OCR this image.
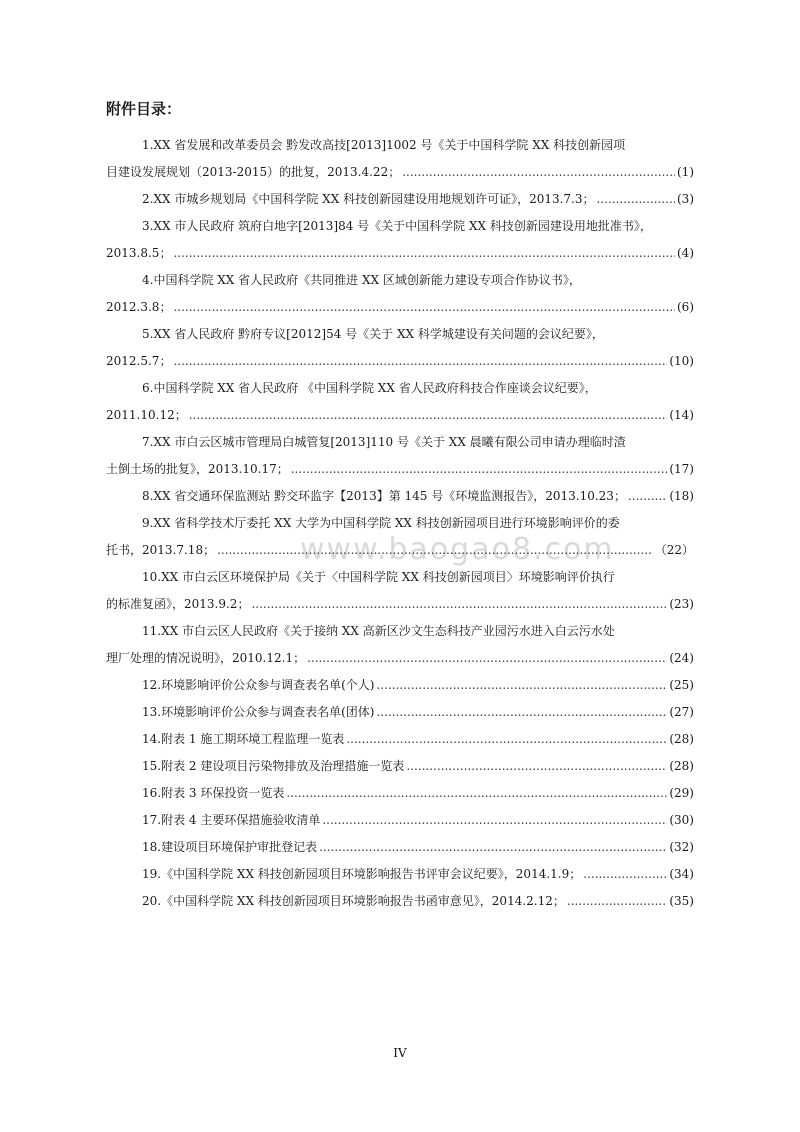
附件目录：
www.baogao8.com
1.XX 省发展和改革委员会 黔发改高技[2013]1002 号《关于中国科学院 XX 科技创新园项
目建设发展规划（2013-2015）的批复，2013.4.22； .....	(1)
2.XX 市城乡规划局《中国科学院 XX 科技创新园建设用地规划许可证》，2013.7.3； .....	(3)
3.XX 市人民政府 筑府白地字[2013]84 号《关于中国科学院 XX 科技创新园建设用地批准书》，
2013.8.5； .....	(4)
4.中国科学院 XX 省人民政府《共同推进 XX 区域创新能力建设专项合作协议书》，
2012.3.8； .....	(6)
5.XX 省人民政府 黔府专议[2012]54 号《关于 XX 科学城建设有关问题的会议纪要》，
2012.5.7； .....	(10)
6.中国科学院 XX 省人民政府 《中国科学院 XX 省人民政府科技合作座谈会议纪要》，
2011.10.12； .....	(14)
7.XX 市白云区城市管理局白城管复[2013]110 号《关于 XX 晨曦有限公司申请办理临时渣
土倒土场的批复》，2013.10.17； .....	(17)
8.XX 省交通环保监测站 黔交环监字【2013】第 145 号《环境监测报告》，2013.10.23； .....	(18)
9.XX 省科学技术厅委托 XX 大学为中国科学院 XX 科技创新园项目进行环境影响评价的委
托书，2013.7.18； .....	（22）
10.XX 市白云区环境保护局《关于〈中国科学院 XX 科技创新园项目〉环境影响评价执行
的标准复函》，2013.9.2； .....	(23)
11.XX 市白云区人民政府《关于接纳 XX 高新区沙文生态科技产业园污水进入白云污水处
理厂处理的情况说明》，2010.12.1； .....	(24)
12.环境影响评价公众参与调查表名单(个人) .....	(25)
13.环境影响评价公众参与调查表名单(团体) .....	(27)
14.附表 1 施工期环境工程监理一览表 .....	(28)
15.附表 2 建设项目污染物排放及治理措施一览表 .....	(28)
16.附表 3 环保投资一览表 .....	(29)
17.附表 4 主要环保措施验收清单 .....	(30)
18.建设项目环境保护审批登记表 .....	(32)
19.《中国科学院 XX 科技创新园项目环境影响报告书评审会议纪要》，2014.1.9； .....	(34)
20.《中国科学院 XX 科技创新园项目环境影响报告书函审意见》，2014.2.12； .....	(35)
IV
